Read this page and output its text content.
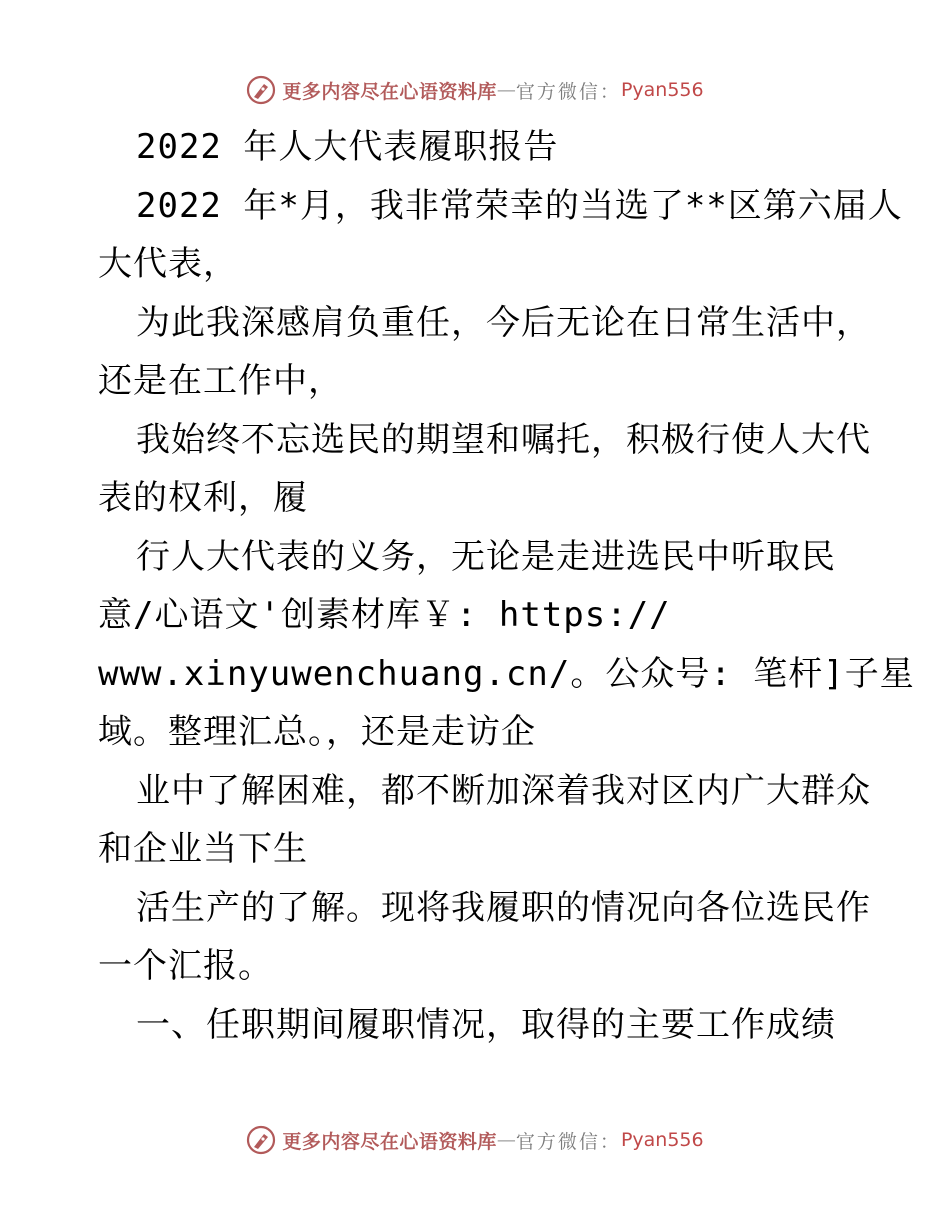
更多内容尽在心语资料库 — 官方微信： Pyan556
2022 年人大代表履职报告
2022 年*月，我非常荣幸的当选了**区第六届人
大代表，
为此我深感肩负重任，今后无论在日常生活中，
还是在工作中，
我始终不忘选民的期望和嘱托，积极行使人大代
表的权利，履
行人大代表的义务，无论是走进选民中听取民
意/心语文'创素材库￥: https://
www.xinyuwenchuang.cn/。公众号: 笔杆]子星
域。整理汇总。，还是走访企
业中了解困难，都不断加深着我对区内广大群众
和企业当下生
活生产的了解。现将我履职的情况向各位选民作
一个汇报。
一、任职期间履职情况，取得的主要工作成绩
更多内容尽在心语资料库 — 官方微信： Pyan556
